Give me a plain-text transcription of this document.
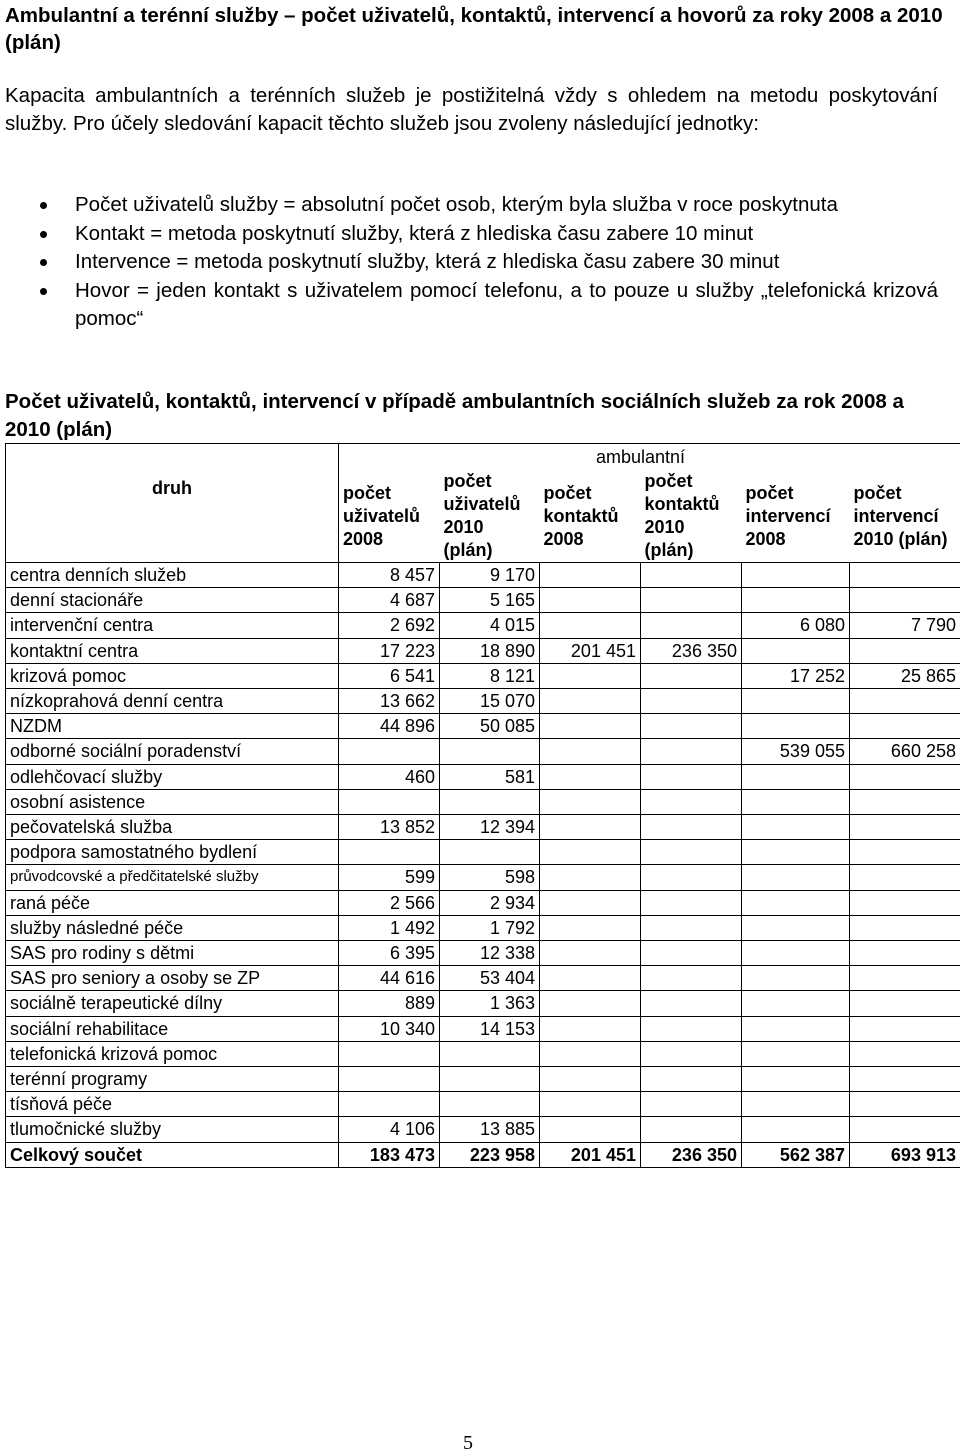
Ambulantní a terénní služby – počet uživatelů, kontaktů, intervencí a hovorů za roky 2008 a 2010 (plán)

Kapacita ambulantních a terénních služeb je postižitelná vždy s ohledem na metodu poskytování služby. Pro účely sledování kapacit těchto služeb jsou zvoleny následující jednotky:

Počet uživatelů služby = absolutní počet osob, kterým byla služba v roce poskytnuta
Kontakt = metoda poskytnutí služby, která z hlediska času zabere 10 minut
Intervence = metoda poskytnutí služby, která z hlediska času zabere 30 minut
Hovor = jeden kontakt s uživatelem pomocí telefonu, a to pouze u služby „telefonická krizová pomoc“
Počet uživatelů, kontaktů, intervencí v případě ambulantních sociálních služeb za rok 2008 a 2010 (plán)
druh			ambulantní			
	počet uživatelů 2008	počet uživatelů 2010 (plán)	počet kontaktů 2008	počet kontaktů 2010 (plán)	počet intervencí 2008	počet intervencí 2010 (plán)
centra denních služeb	8 457	9 170				
denní stacionáře	4 687	5 165				
intervenční centra	2 692	4 015			6 080	7 790
kontaktní centra	17 223	18 890	201 451	236 350		
krizová pomoc	6 541	8 121			17 252	25 865
nízkoprahová denní centra	13 662	15 070				
NZDM	44 896	50 085				
odborné sociální poradenství					539 055	660 258
odlehčovací služby	460	581				
osobní asistence						
pečovatelská služba	13 852	12 394				
podpora samostatného bydlení						
průvodcovské a předčitatelské služby	599	598				
raná péče	2 566	2 934				
služby následné péče	1 492	1 792				
SAS pro rodiny s dětmi	6 395	12 338				
SAS pro seniory a osoby se ZP	44 616	53 404				
sociálně terapeutické dílny	889	1 363				
sociální rehabilitace	10 340	14 153				
telefonická krizová pomoc						
terénní programy						
tísňová péče						
tlumočnické služby	4 106	13 885				
Celkový součet	183 473	223 958	201 451	236 350	562 387	693 913
5
